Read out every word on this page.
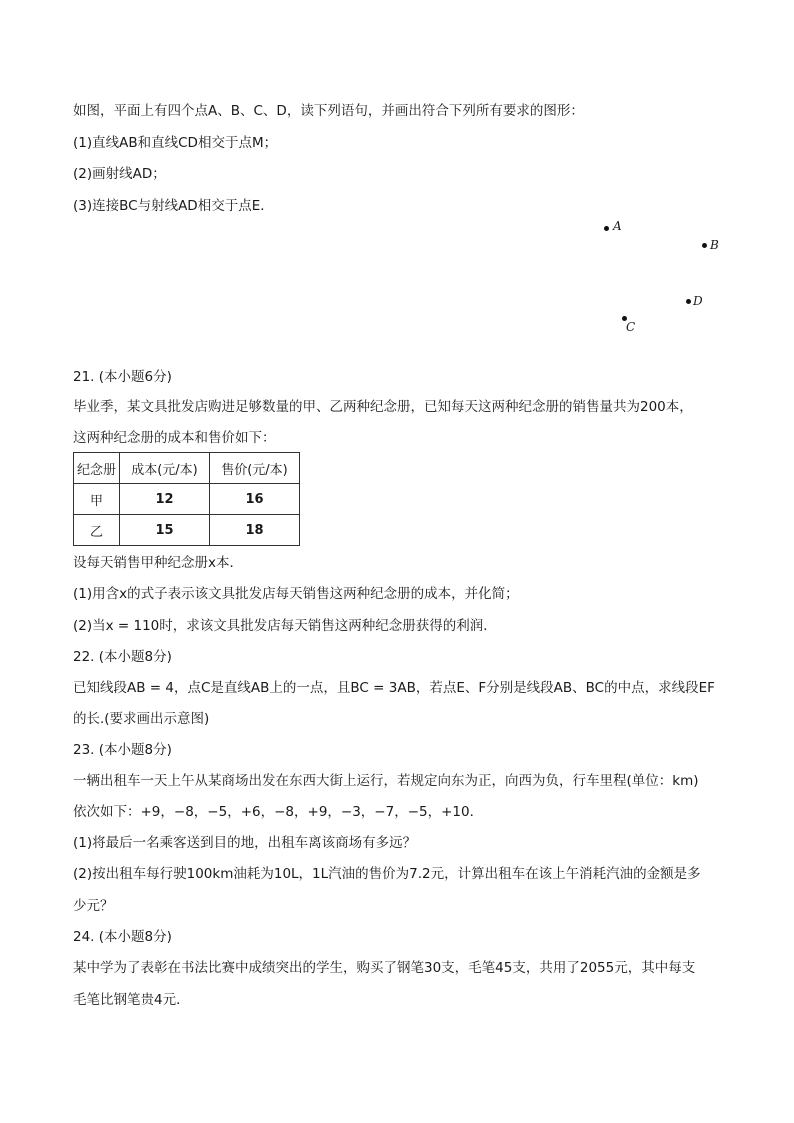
如图，平面上有四个点A、B、C、D，读下列语句，并画出符合下列所有要求的图形：
(1)直线AB和直线CD相交于点M；
(2)画射线AD；
(3)连接BC与射线AD相交于点E．
A
B
D
C
21. (本小题6分)
毕业季，某文具批发店购进足够数量的甲、乙两种纪念册，已知每天这两种纪念册的销售量共为200本，
这两种纪念册的成本和售价如下：
纪念册	成本(元/本)	售价(元/本)
甲	12	16
乙	15	18
设每天销售甲种纪念册x本．
(1)用含x的式子表示该文具批发店每天销售这两种纪念册的成本，并化简；
(2)当x = 110时，求该文具批发店每天销售这两种纪念册获得的利润．
22. (本小题8分)
已知线段AB = 4，点C是直线AB上的一点，且BC = 3AB，若点E、F分别是线段AB、BC的中点，求线段EF
的长.(要求画出示意图)
23. (本小题8分)
一辆出租车一天上午从某商场出发在东西大街上运行，若规定向东为正，向西为负，行车里程(单位：km)
依次如下：+9，−8，−5，+6，−8，+9，−3，−7，−5，+10．
(1)将最后一名乘客送到目的地，出租车离该商场有多远？
(2)按出租车每行驶100km油耗为10L，1L汽油的售价为7.2元，计算出租车在该上午消耗汽油的金额是多
少元？
24. (本小题8分)
某中学为了表彰在书法比赛中成绩突出的学生，购买了钢笔30支，毛笔45支，共用了2055元，其中每支
毛笔比钢笔贵4元．
